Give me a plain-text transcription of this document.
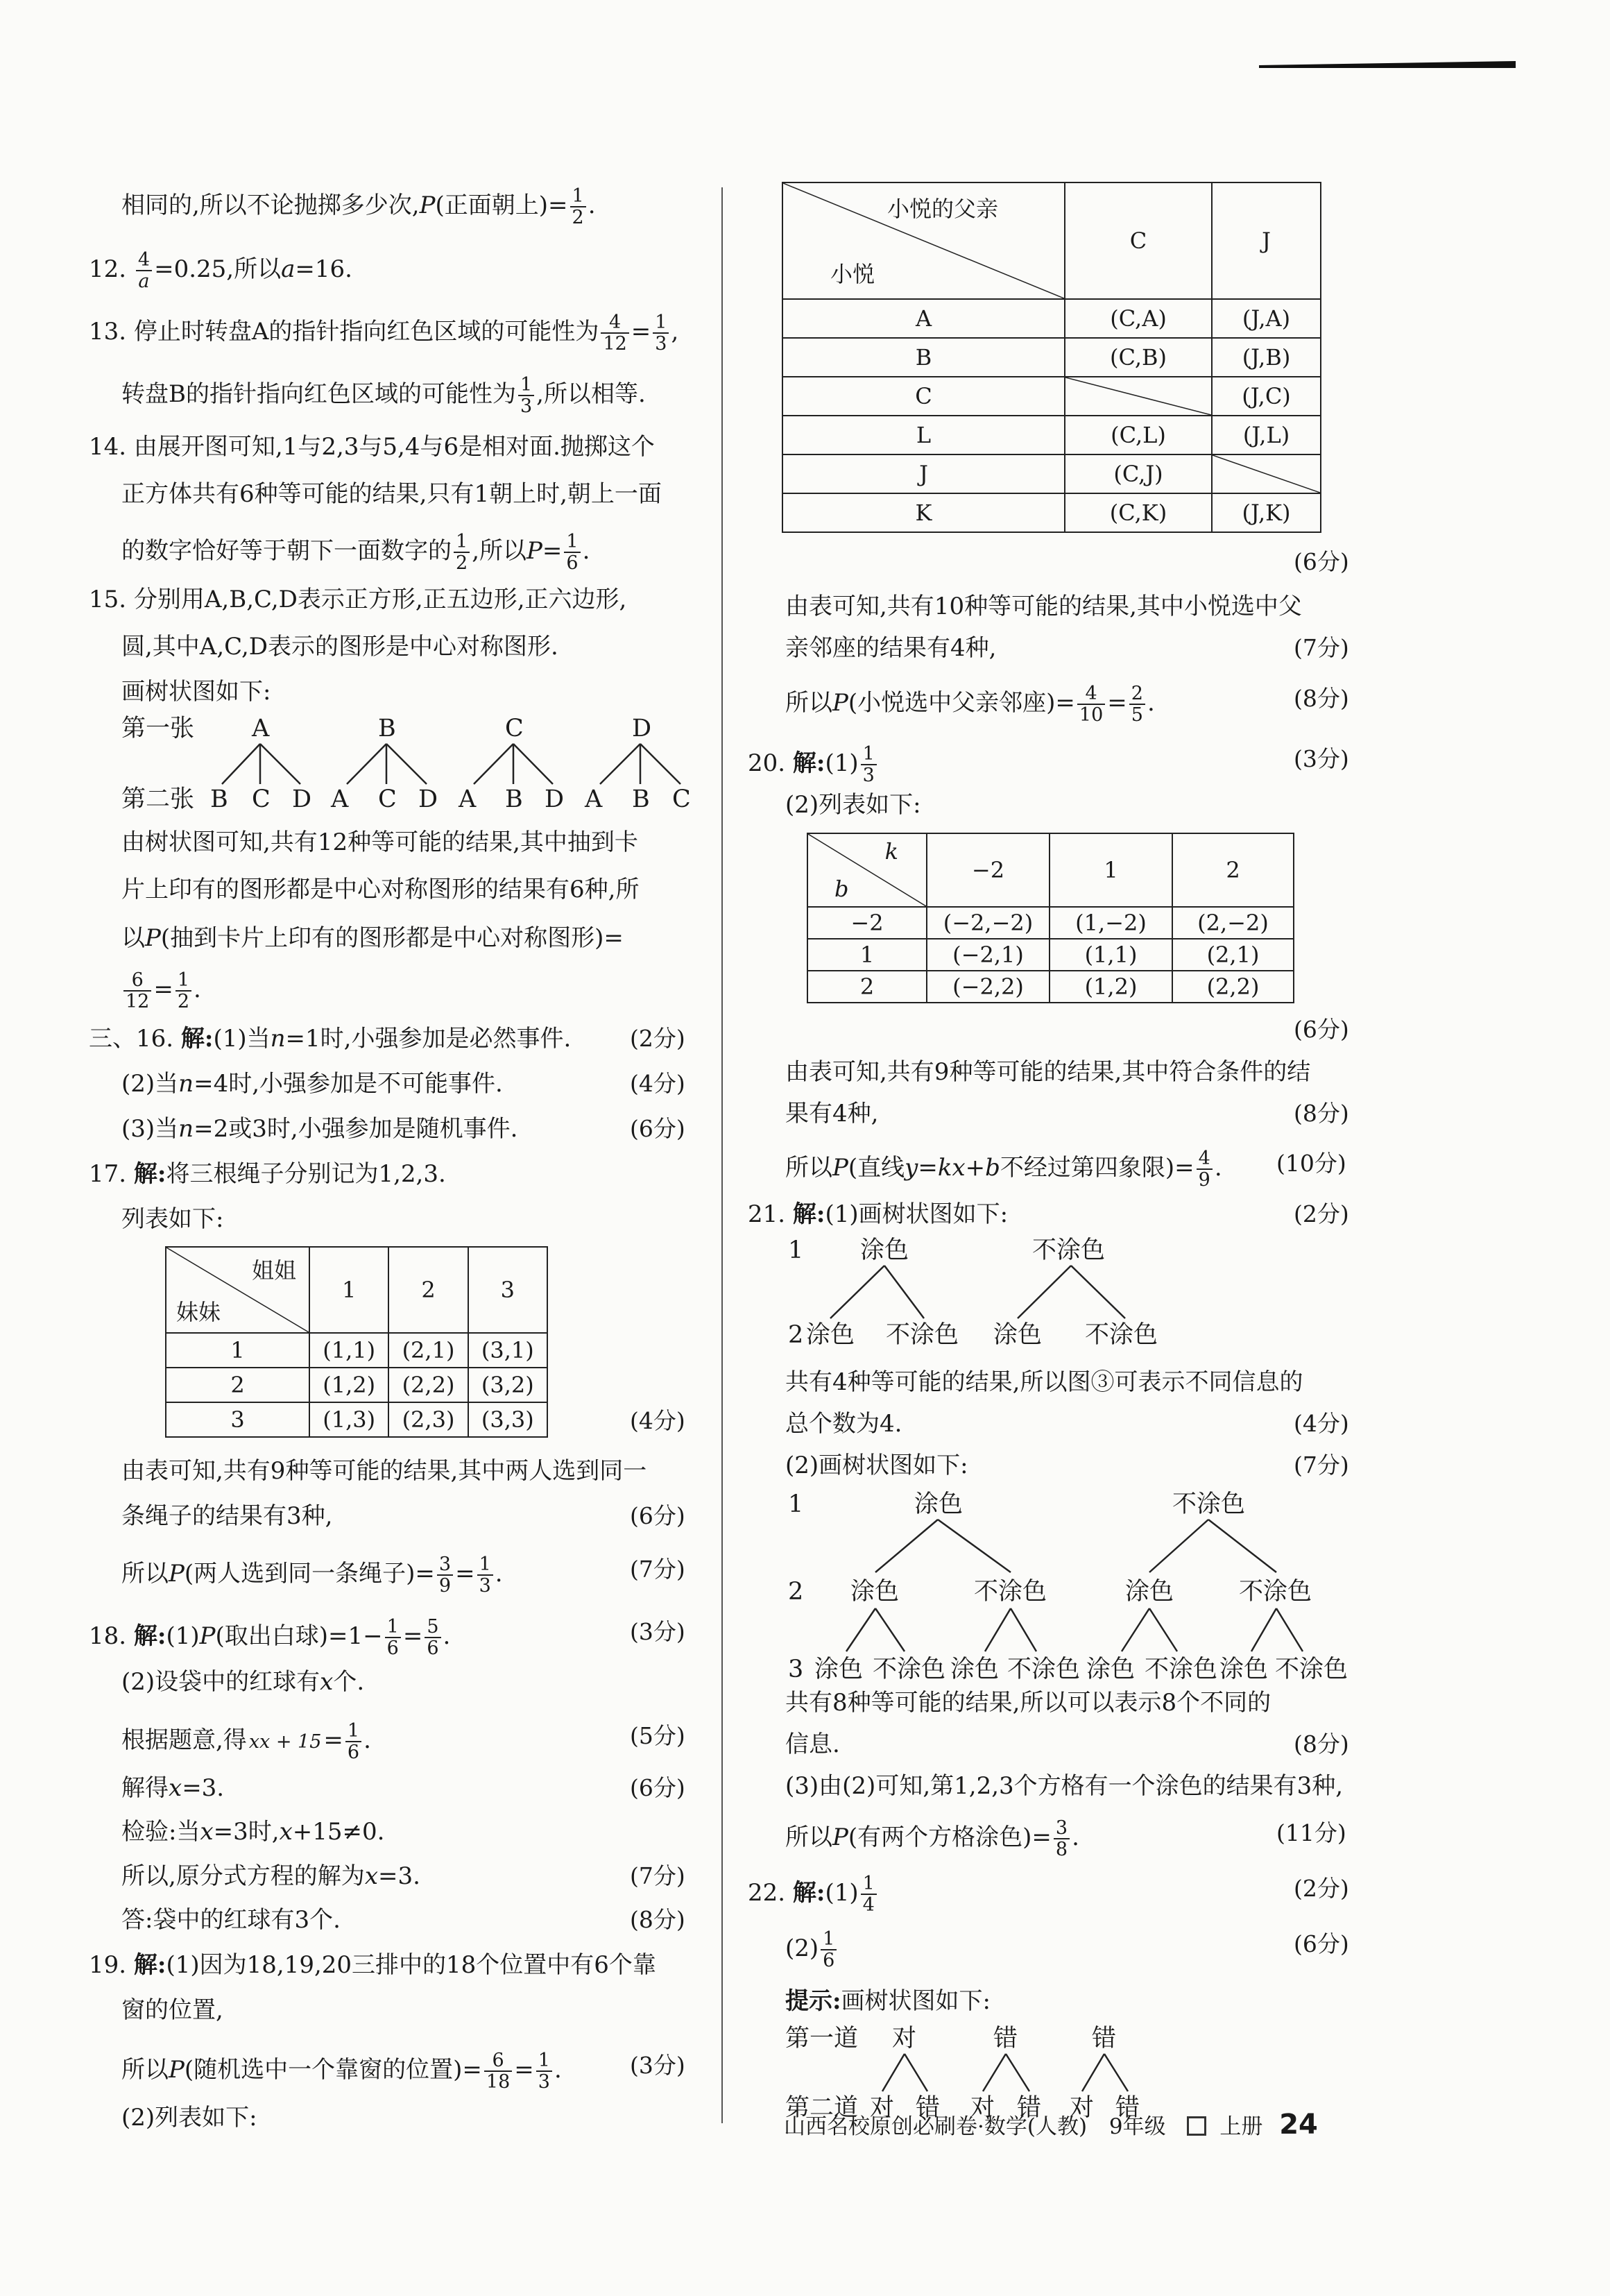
相同的,所以不论抛掷多少次,P(正面朝上)= $\frac{1}{2}$ .
12. $\frac{4}{a}=0.25$,所以a=16.
13. 停止时转盘A的指针指向红色区域的可能性为 $\frac{4}{12} = \frac{1}{3}$ ,
转盘B的指针指向红色区域的可能性为 $\frac{1}{3}$ ,所以相等.
14. 由展开图可知,1与2,3与5,4与6是相对面.抛掷这个
正方体共有6种等可能的结果,只有1朝上时,朝上一面
的数字恰好等于朝下一面数字的 $\frac{1}{2}$ ,所以$P= \frac{1}{6}$ .
15. 分别用A,B,C,D表示正方形,正五边形,正六边形,
圆,其中A,C,D表示的图形是中心对称图形.
画树状图如下:
第一张 A	B	C	D
第二张 B C D A C D A B D A B C
由树状图可知,共有12种等可能的结果,其中抽到卡
片上印有的图形都是中心对称图形的结果有6种,所
以P(抽到卡片上印有的图形都是中心对称图形)=
$\frac{6}{12} = \frac{1}{2}$ .
三、16. 解:(1)当n=1时,小强参加是必然事件.	(2分)
(2)当n=4时,小强参加是不可能事件.	(4分)
(3)当n=2或3时,小强参加是随机事件.	(6分)
17. 解:将三根绳子分别记为1,2,3.
列表如下:
姐姐
妹妹	1	2	3
1	(1,1)	(2,1)	(3,1)
2	(1,2)	(2,2)	(3,2)
3	(1,3)	(2,3)	(3,3)	(4分)
由表可知,共有9种等可能的结果,其中两人选到同一
条绳子的结果有3种,	(6分)
所以P(两人选到同一条绳子)= $\frac{3}{9} = \frac{1}{3}$ .	(7分)
18. 解:(1)P(取出白球)$=1- \frac{1}{6} = \frac{5}{6}$ .	(3分)
(2)设袋中的红球有x个.
根据题意,得 xx + $15= \frac{1}{6}$ .	(5分)
解得x=3.	(6分)
检验:当x=3时,x+15≠0.
所以,原分式方程的解为x=3.	(7分)
答:袋中的红球有3个.	(8分)
19. 解:(1)因为18,19,20三排中的18个位置中有6个靠
窗的位置,
所以P(随机选中一个靠窗的位置)= $\frac{6}{18} = \frac{1}{3}$ .	(3分)
(2)列表如下:
小悦的父亲
小悦	C	J
A	(C,A)	(J,A)
B	(C,B)	(J,B)
C		(J,C)
L	(C,L)	(J,L)
J	(C,J)	

K	(C,K)	(J,K)
(6分)
由表可知,共有10种等可能的结果,其中小悦选中父
亲邻座的结果有4种,	(7分)
所以P(小悦选中父亲邻座)= $\frac{4}{10} = \frac{2}{5}$ .	(8分)
20. 解:(1) $\frac{1}{3}$	(3分)
(2)列表如下:
k
b	−2	1	2
−2	(−2,−2)	(1,−2)	(2,−2)
1	(−2,1)	(1,1)	(2,1)
2	(−2,2)	(1,2)	(2,2)
(6分)
由表可知,共有9种等可能的结果,其中符合条件的结
果有4种,	(8分)
所以P(直线y=kx+b不经过第四象限)= $\frac{4}{9}$ . (10分)
21. 解:(1)画树状图如下:	(2分)
1 涂色	不涂色
2 涂色 不涂色 涂色 不涂色
共有4种等可能的结果,所以图③可表示不同信息的
总个数为4.	(4分)
(2)画树状图如下:	(7分)
1	涂色	不涂色
2 涂色	不涂色	涂色	不涂色
3 涂色 不涂色 涂色 不涂色 涂色 不涂色 涂色 不涂色
共有8种等可能的结果,所以可以表示8个不同的
信息.	(8分)
(3)由(2)可知,第1,2,3个方格有一个涂色的结果有3种,
所以P(有两个方格涂色)= $\frac{3}{8}$ .	(11分)
22. 解:(1) $\frac{1}{4}$	(2分)
$(2) \frac{1}{6}$	(6分)
提示:画树状图如下:
第一道 对	错	错
第二道 对 错 对 错 对 错
山西名校原创必刷卷·数学(人教) 9年级	上册 24
